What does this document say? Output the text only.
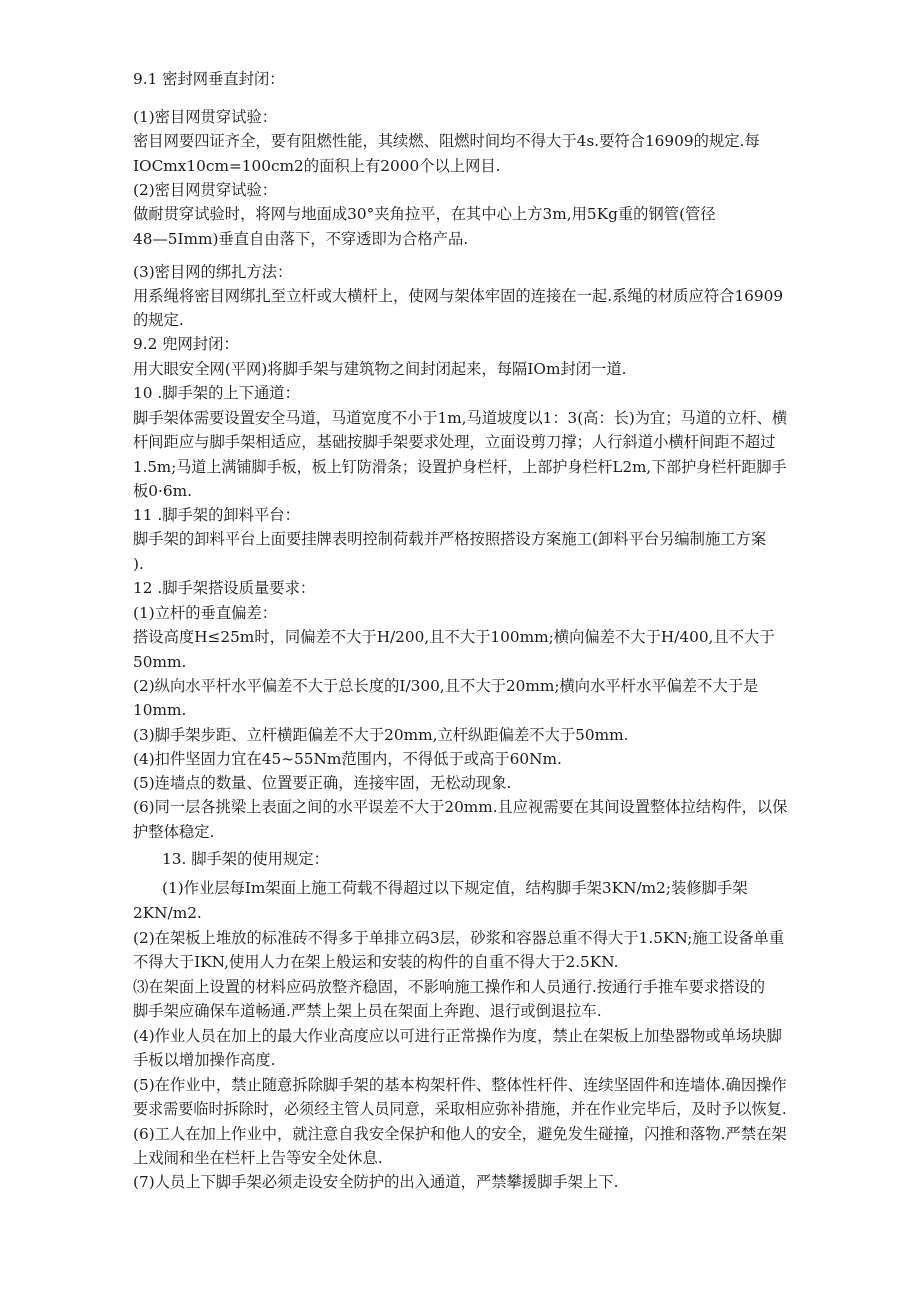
9.1 密封网垂直封闭：
(1)密目网贯穿试验：
密目网要四证齐全，要有阻燃性能，其续燃、阻燃时间均不得大于4s.要符合16909的规定.每
IOCmx10cm=100cm2的面积上有2000个以上网目.
(2)密目网贯穿试验：
做耐贯穿试验时，将网与地面成30°夹角拉平，在其中心上方3m,用5Kg重的钢管(管径
48—5Imm)垂直自由落下，不穿透即为合格产品.
(3)密目网的绑扎方法：
用系绳将密目网绑扎至立杆或大横杆上，使网与架体牢固的连接在一起.系绳的材质应符合16909
的规定.
9.2 兜网封闭：
用大眼安全网(平网)将脚手架与建筑物之间封闭起来，每隔IOm封闭一道.
10 .脚手架的上下通道：
脚手架体需要设置安全马道，马道宽度不小于1m,马道坡度以1：3(高：长)为宜；马道的立杆、横
杆间距应与脚手架相适应，基础按脚手架要求处理，立面设剪刀撑；人行斜道小横杆间距不超过
1.5m;马道上满铺脚手板，板上钉防滑条；设置护身栏杆，上部护身栏杆L2m,下部护身栏杆距脚手
板0·6m.
11 .脚手架的卸料平台：
脚手架的卸料平台上面要挂牌表明控制荷载并严格按照搭设方案施工(卸料平台另编制施工方案
).
12 .脚手架搭设质量要求：
(1)立杆的垂直偏差：
搭设高度H≤25m时，同偏差不大于H/200,且不大于100mm;横向偏差不大于H/400,且不大于
50mm.
(2)纵向水平杆水平偏差不大于总长度的I/300,且不大于20mm;横向水平杆水平偏差不大于是
10mm.
(3)脚手架步距、立杆横距偏差不大于20mm,立杆纵距偏差不大于50mm.
(4)扣件坚固力宜在45~55Nm范围内，不得低于或高于60Nm.
(5)连墙点的数量、位置要正确，连接牢固，无松动现象.
(6)同一层各挑梁上表面之间的水平误差不大于20mm.且应视需要在其间设置整体拉结构件，以保
护整体稳定.
13. 脚手架的使用规定：
(1)作业层每Im架面上施工荷载不得超过以下规定值，结构脚手架3KN∕m2;装修脚手架
2KN∕m2.
(2)在架板上堆放的标准砖不得多于单排立码3层，砂浆和容器总重不得大于1.5KN;施工设备单重
不得大于IKN,使用人力在架上般运和安装的构件的自重不得大于2.5KN.
⑶在架面上设置的材料应码放整齐稳固，不影响施工操作和人员通行.按通行手推车要求搭设的
脚手架应确保车道畅通.严禁上架上员在架面上奔跑、退行或倒退拉车.
(4)作业人员在加上的最大作业高度应以可进行正常操作为度，禁止在架板上加垫器物或单场块脚
手板以增加操作高度.
(5)在作业中，禁止随意拆除脚手架的基本构架杆件、整体性杆件、连续坚固件和连墙体.确因操作
要求需要临时拆除时，必须经主管人员同意，采取相应弥补措施，并在作业完毕后，及时予以恢复.
(6)工人在加上作业中，就注意自我安全保护和他人的安全，避免发生碰撞，闪推和落物.严禁在架
上戏闹和坐在栏杆上告等安全处休息.
(7)人员上下脚手架必须走设安全防护的出入通道，严禁攀援脚手架上下.
